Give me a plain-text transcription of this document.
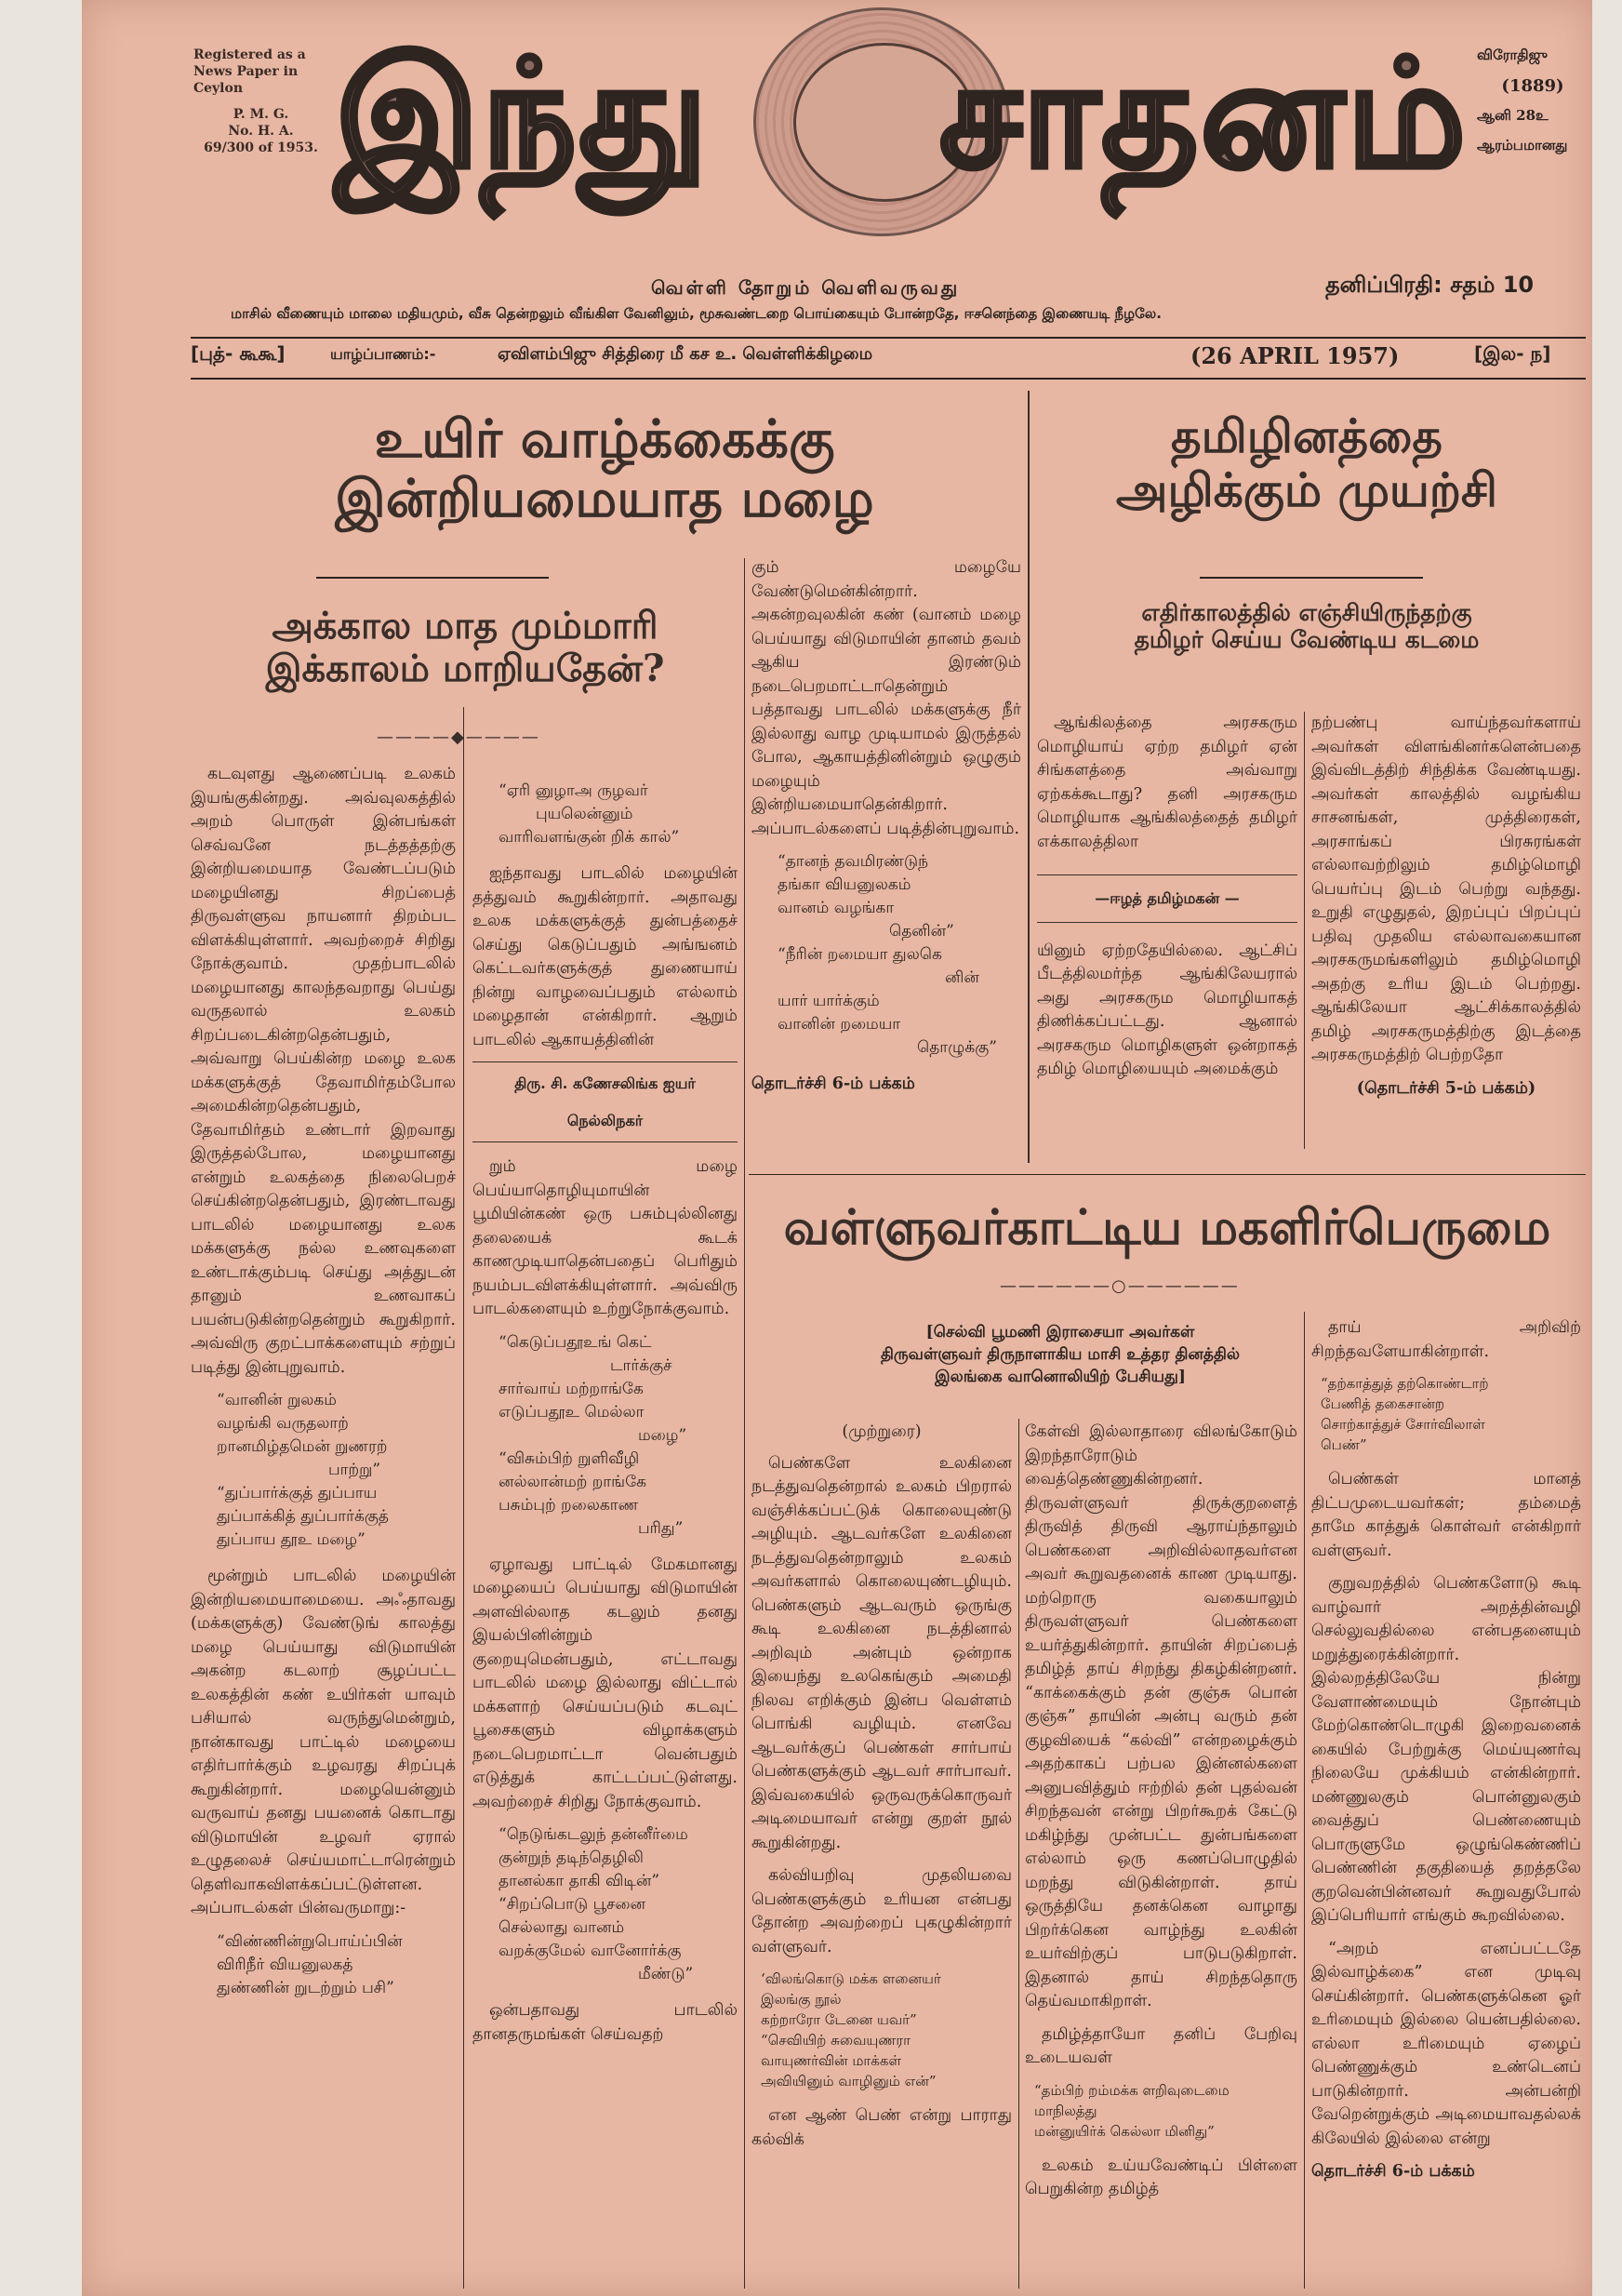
Registered as a
News Paper in
Ceylon
P. M. G.
No. H. A.
69/300 of 1953. இந்து சாதனம் விரோதிஜு
(1889)
ஆனி 28உ
ஆரம்பமானது
வெள்ளி தோறும் வெளிவருவது	தனிப்பிரதி: சதம் 10
மாசில் வீணையும் மாலை மதியமும், வீசு தென்றலும் வீங்கிள வேனிலும், மூசுவண்டறை பொய்கையும் போன்றதே, ஈசனெந்தை இணையடி நீழலே.
[புத்- கூகூ]	யாழ்ப்பாணம்:-	ஏவிளம்பிஜு சித்திரை மீ கச உ. வெள்ளிக்கிழமை	(26 APRIL 1957)	[இல- ந]
உயிர் வாழ்க்கைக்கு
இன்றியமையாத மழை
அக்கால மாத மும்மாரி
இக்காலம் மாறியதேன்?
————◆————

கடவுளது ஆணைப்படி உலகம் இயங்குகின்றது. அவ்வுலகத்தில் அறம் பொருள் இன்பங்கள் செவ்வனே நடத்தத்தற்கு இன்றியமையாத வேண்டப்படும் மழையினது சிறப்பைத் திருவள்ளுவ நாயனார் திறம்பட விளக்கியுள்ளார். அவற்றைச் சிறிது நோக்குவாம். முதற்பாடலில் மழையானது காலந்தவறாது பெய்து வருதலால் உலகம் சிறப்படைகின்றதென்பதும், அவ்வாறு பெய்கின்ற மழை உலக மக்களுக்குத் தேவாமிர்தம்போல அமைகின்றதென்பதும், தேவாமிர்தம் உண்டார் இறவாது இருத்தல்போல, மழையானது என்றும் உலகத்தை நிலைபெறச் செய்கின்றதென்பதும், இரண்டாவது பாடலில் மழையானது உலக மக்களுக்கு நல்ல உணவுகளை உண்டாக்கும்படி செய்து அத்துடன் தானும் உணவாகப் பயன்படுகின்றதென்றும் கூறுகிறார். அவ்விரு குறட்பாக்களையும் சற்றுப் படித்து இன்புறுவாம்.

“வானின் றுலகம்
வழங்கி வருதலாற்
றானமிழ்தமென் றுணரற்
பாற்று”
“துப்பார்க்குத் துப்பாய
துப்பாக்கித் துப்பார்க்குத்
துப்பாய தூஉ மழை”

மூன்றும் பாடலில் மழையின் இன்றியமையாமையை. அஃதாவது (மக்களுக்கு) வேண்டுங் காலத்து மழை பெய்யாது விடுமாயின் அகன்ற கடலாற் சூழப்பட்ட உலகத்தின் கண் உயிர்கள் யாவும் பசியால் வருந்துமென்றும், நான்காவது பாட்டில் மழையை எதிர்பார்க்கும் உழவரது சிறப்புக் கூறுகின்றார். மழையென்னும் வருவாய் தனது பயனைக் கொடாது விடுமாயின் உழவர் ஏரால் உழுதலைச் செய்யமாட்டாரென்றும் தெளிவாகவிளக்கப்பட்டுள்ளன. அப்பாடல்கள் பின்வருமாறு:-

“விண்ணின்றுபொய்ப்பின்
விரிநீர் வியனுலகத்
துண்ணின் றுடற்றும் பசி”
“ஏரி னுழாஅ ருழவர்
புயலென்னும்
வாரிவளங்குன் றிக் கால்”

ஐந்தாவது பாடலில் மழையின் தத்துவம் கூறுகின்றார். அதாவது உலக மக்களுக்குத் துன்பத்தைச் செய்து கெடுப்பதும் அங்ஙனம் கெட்டவர்களுக்குத் துணையாய் நின்று வாழவைப்பதும் எல்லாம் மழைதான் என்கிறார். ஆறும் பாடலில் ஆகாயத்தினின்

திரு. சி. கணேசலிங்க ஐயர்
நெல்லிநகர்

றும் மழை பெய்யாதொழியுமாயின் பூமியின்கண் ஒரு பசும்புல்லினது தலையைக் கூடக் காணமுடியாதென்பதைப் பெரிதும் நயம்படவிளக்கியுள்ளார். அவ்விரு பாடல்களையும் உற்றுநோக்குவாம்.

“கெடுப்பதூஉங் கெட்
டார்க்குச்
சார்வாய் மற்றாங்கே
எடுப்பதூஉ மெல்லா
மழை”
“விசும்பிற் றுளிவீழி
னல்லான்மற் றாங்கே
பசும்புற் றலைகாண
பரிது”

ஏழாவது பாட்டில் மேகமானது மழையைப் பெய்யாது விடுமாயின் அளவில்லாத கடலும் தனது இயல்பினின்றும் குறையுமென்பதும், எட்டாவது பாடலில் மழை இல்லாது விட்டால் மக்களாற் செய்யப்படும் கடவுட் பூசைகளும் விழாக்களும் நடைபெறமாட்டா வென்பதும் எடுத்துக் காட்டப்பட்டுள்ளது. அவற்றைச் சிறிது நோக்குவாம்.

“நெடுங்கடலுந் தன்னீர்மை
குன்றுந் தடிந்தெழிலி
தானல்கா தாகி விடின்”
“சிறப்பொடு பூசனை
செல்லாது வானம்
வறக்குமேல் வானோர்க்கு
மீண்டு”

ஒன்பதாவது பாடலில் தானதருமங்கள் செய்வதற்

கும் மழையே வேண்டுமென்கின்றார். அகன்றவுலகின் கண் (வானம் மழை பெய்யாது விடுமாயின் தானம் தவம் ஆகிய இரண்டும் நடைபெறமாட்டாதென்றும் பத்தாவது பாடலில் மக்களுக்கு நீர் இல்லாது வாழ முடியாமல் இருத்தல் போல, ஆகாயத்தினின்றும் ஒழுகும் மழையும் இன்றியமையாதென்கிறார். அப்பாடல்களைப் படித்தின்புறுவாம்.

“தானந் தவமிரண்டுந்
தங்கா வியனுலகம்
வானம் வழங்கா
தெனின்”
“நீரின் றமையா துலகெ
னின்
யார் யார்க்கும்
வானின் றமையா
தொழுக்கு”
தொடர்ச்சி 6-ம் பக்கம்
தமிழினத்தை
அழிக்கும் முயற்சி
எதிர்காலத்தில் எஞ்சியிருந்தற்கு
தமிழர் செய்ய வேண்டிய கடமை

ஆங்கிலத்தை அரசகரும மொழியாய் ஏற்ற தமிழர் ஏன் சிங்களத்தை அவ்வாறு ஏற்கக்கூடாது? தனி அரசகரும மொழியாக ஆங்கிலத்தைத் தமிழர் எக்காலத்திலா

—ஈழத் தமிழ்மகன் —

யினும் ஏற்றதேயில்லை. ஆட்சிப் பீடத்திலமர்ந்த ஆங்கிலேயரால் அது அரசகரும மொழியாகத் திணிக்கப்பட்டது. ஆனால் அரசகரும மொழிகளுள் ஒன்றாகத் தமிழ் மொழியையும் அமைக்கும்

நற்பண்பு வாய்ந்தவர்களாய் அவர்கள் விளங்கினர்களென்பதை இவ்விடத்திற் சிந்திக்க வேண்டியது. அவர்கள் காலத்தில் வழங்கிய சாசனங்கள், முத்திரைகள், அரசாங்கப் பிரசுரங்கள் எல்லாவற்றிலும் தமிழ்மொழி பெயர்ப்பு இடம் பெற்று வந்தது. உறுதி எழுதுதல், இறப்புப் பிறப்புப் பதிவு முதலிய எல்லாவகையான அரசகருமங்களிலும் தமிழ்மொழி அதற்கு உரிய இடம் பெற்றது. ஆங்கிலேயா ஆட்சிக்காலத்தில் தமிழ் அரசகருமத்திற்கு இடத்தை அரசகருமத்திற் பெற்றதோ

(தொடர்ச்சி 5-ம் பக்கம்)
வள்ளுவர்காட்டிய மகளிர்பெருமை
——————○——————
[செல்வி பூமணி இராசையா அவர்கள்
திருவள்ளுவர் திருநாளாகிய மாசி உத்தர தினத்தில்
இலங்கை வானொலியிற் பேசியது]
(முற்றுரை)

பெண்களே உலகினை நடத்துவதென்றால் உலகம் பிறரால் வஞ்சிக்கப்பட்டுக் கொலையுண்டு அழியும். ஆடவர்களே உலகினை நடத்துவதென்றாலும் உலகம் அவர்களால் கொலையுண்டழியும். பெண்களும் ஆடவரும் ஒருங்கு கூடி உலகினை நடத்தினால் அறிவும் அன்பும் ஒன்றாக இயைந்து உலகெங்கும் அமைதி நிலவ எறிக்கும் இன்ப வெள்ளம் பொங்கி வழியும். எனவே ஆடவர்க்குப் பெண்கள் சார்பாய் பெண்களுக்கும் ஆடவர் சார்பாவர். இவ்வகையில் ஒருவருக்கொருவர் அடிமையாவர் என்று குறள் நூல் கூறுகின்றது.

கல்வியறிவு முதலியவை பெண்களுக்கும் உரியன என்பது தோன்ற அவற்றைப் புகழுகின்றார் வள்ளுவர்.

‘விலங்கொடு மக்க ளனையர்
இலங்கு நூல்
கற்றாரோ டேனை யவர்”
“செவியிற் சுவையுணரா
வாயுணர்வின் மாக்கள்
அவியினும் வாழினும் என்”

என ஆண் பெண் என்று பாராது கல்விக்

கேள்வி இல்லாதாரை விலங்கோடும் இறந்தாரோடும் வைத்தெண்ணுகின்றனர். திருவள்ளுவர் திருக்குறளைத் திருவித் திருவி ஆராய்ந்தாலும் பெண்களை அறிவில்லாதவர்என அவர் கூறுவதனைக் காண முடியாது. மற்றொரு வகையாலும் திருவள்ளுவர் பெண்களை உயர்த்துகின்றார். தாயின் சிறப்பைத் தமிழ்த் தாய் சிறந்து திகழ்கின்றனர். “காக்கைக்கும் தன் குஞ்சு பொன் குஞ்சு” தாயின் அன்பு வரும் தன் குழவியைக் “கல்வி” என்றழைக்கும் அதற்காகப் பற்பல இன்னல்களை அனுபவித்தும் ஈற்றில் தன் புதல்வன் சிறந்தவன் என்று பிறர்கூறக் கேட்டு மகிழ்ந்து முன்பட்ட துன்பங்களை எல்லாம் ஒரு கணப்பொழுதில் மறந்து விடுகின்றாள். தாய் ஒருத்தியே தனக்கென வாழாது பிறர்க்கென வாழ்ந்து உலகின் உயர்விற்குப் பாடுபடுகிறாள். இதனால் தாய் சிறந்ததொரு தெய்வமாகிறாள்.

தமிழ்த்தாயோ தனிப் பேறிவு உடையவள்

“தம்பிற் றம்மக்க ளறிவுடைமை
மாநிலத்து
மன்னுயிர்க் கெல்லா மினிது”

உலகம் உய்யவேண்டிப் பிள்ளை பெறுகின்ற தமிழ்த்

தாய் அறிவிற் சிறந்தவளேயாகின்றாள்.

“தற்காத்துத் தற்கொண்டாற்
பேணித் தகைசான்ற
சொற்காத்துச் சோர்விலாள்
பெண்”

பெண்கள் மானத் திட்பமுடையவர்கள்; தம்மைத் தாமே காத்துக் கொள்வர் என்கிறார் வள்ளுவர்.

குறுவறத்தில் பெண்களோடு கூடி வாழ்வார் அறத்தின்வழி செல்லுவதில்லை என்பதனையும் மறுத்துரைக்கின்றார். இல்லறத்திலேயே நின்று வேளாண்மையும் நோன்பும் மேற்கொண்டொழுகி இறைவனைக் கையில் பேற்றுக்கு மெய்யுணர்வு நிலையே முக்கியம் என்கின்றார். மண்ணுலகும் பொன்னுலகும் வைத்துப் பெண்ணையும் பொருளுமே ஒழுங்கெண்ணிப் பெண்ணின் தகுதியைத் தறத்தலே குறவென்பின்னவர் கூறுவதுபோல் இப்பெரியார் எங்கும் கூறவில்லை.

“அறம் எனப்பட்டதே இல்வாழ்க்கை” என முடிவு செய்கின்றார். பெண்களுக்கென ஓர் உரிமையும் இல்லை யென்பதில்லை. எல்லா உரிமையும் ஏழைப் பெண்ணுக்கும் உண்டெனப் பாடுகின்றார். அன்பன்றி வேறென்றுக்கும் அடிமையாவதல்லக் கிலேயில் இல்லை என்று

தொடர்ச்சி 6-ம் பக்கம்
